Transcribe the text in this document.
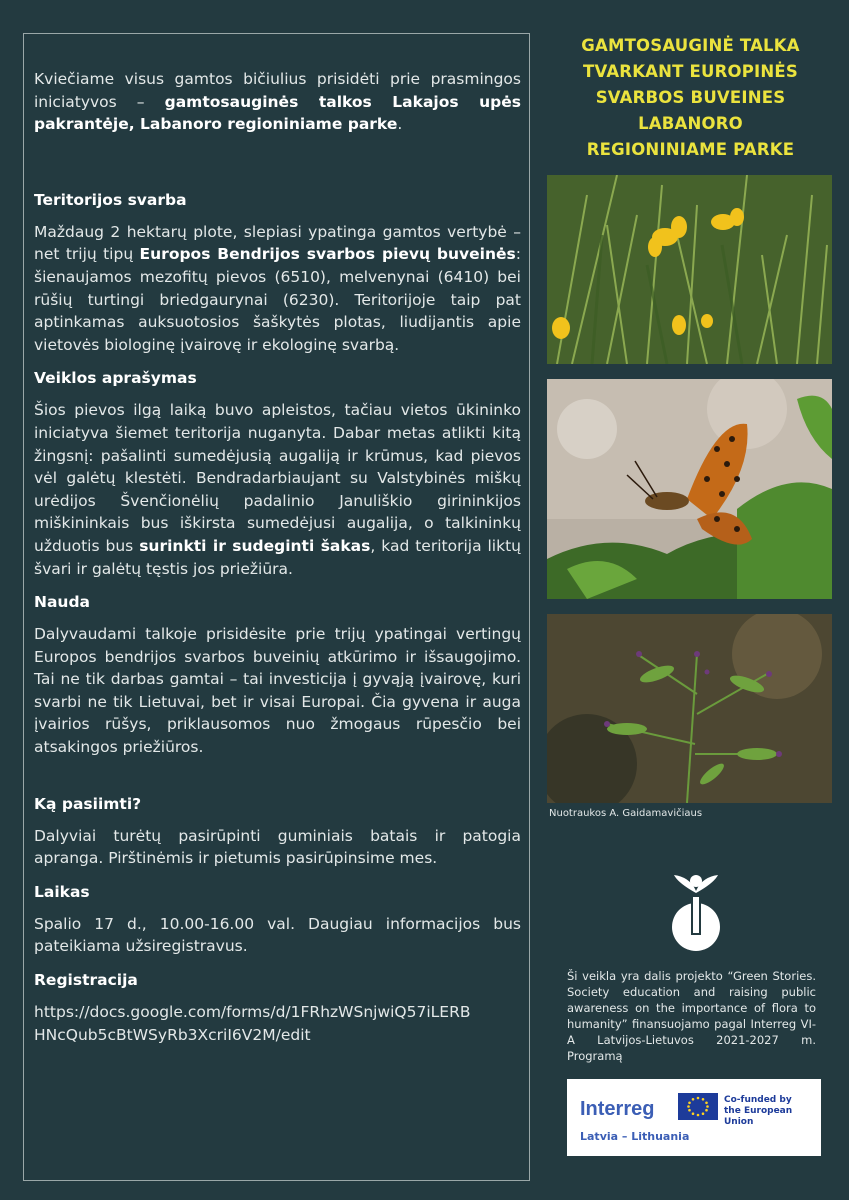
Kviečiame visus gamtos bičiulius prisidėti prie prasmingos iniciatyvos – gamtosauginės talkos Lakajos upės pakrantėje, Labanoro regioniniame parke.

Teritorijos svarba

Maždaug 2 hektarų plote, slepiasi ypatinga gamtos vertybė – net trijų tipų Europos Bendrijos svarbos pievų buveinės: šienaujamos mezofitų pievos (6510), melvenynai (6410) bei rūšių turtingi briedgaurynai (6230). Teritorijoje taip pat aptinkamas auksuotosios šaškytės plotas, liudijantis apie vietovės biologinę įvairovę ir ekologinę svarbą.

Veiklos aprašymas

Šios pievos ilgą laiką buvo apleistos, tačiau vietos ūkininko iniciatyva šiemet teritorija nuganyta. Dabar metas atlikti kitą žingsnį: pašalinti sumedėjusią augaliją ir krūmus, kad pievos vėl galėtų klestėti. Bendradarbiaujant su Valstybinės miškų urėdijos Švenčionėlių padalinio Januliškio girininkijos miškininkais bus iškirsta sumedėjusi augalija, o talkininkų užduotis bus surinkti ir sudeginti šakas, kad teritorija liktų švari ir galėtų tęstis jos priežiūra.

Nauda

Dalyvaudami talkoje prisidėsite prie trijų ypatingai vertingų Europos bendrijos svarbos buveinių atkūrimo ir išsaugojimo. Tai ne tik darbas gamtai – tai investicija į gyvąją įvairovę, kuri svarbi ne tik Lietuvai, bet ir visai Europai. Čia gyvena ir auga įvairios rūšys, priklausomos nuo žmogaus rūpesčio bei atsakingos priežiūros.

Ką pasiimti?

Dalyviai turėtų pasirūpinti guminiais batais ir patogia apranga. Pirštinėmis ir pietumis pasirūpinsime mes.

Laikas

Spalio 17 d., 10.00-16.00 val. Daugiau informacijos bus pateikiama užsiregistravus.

Registracija

https://docs.google.com/forms/d/1FRhzWSnjwiQ57iLERB
HNcQub5cBtWSyRb3XcriI6V2M/edit

GAMTOSAUGINĖ TALKA
TVARKANT EUROPINĖS
SVARBOS BUVEINES
LABANORO
REGIONINIAME PARKE
Nuotraukos A. Gaidamavičiaus
Ši veikla yra dalis projekto “Green Stories. Society education and raising public awareness on the importance of flora to humanity” finansuojamo pagal Interreg VI-A Latvijos-Lietuvos 2021-2027 m. Programą
Interreg	Co-funded by
the European Union
Latvia – Lithuania
